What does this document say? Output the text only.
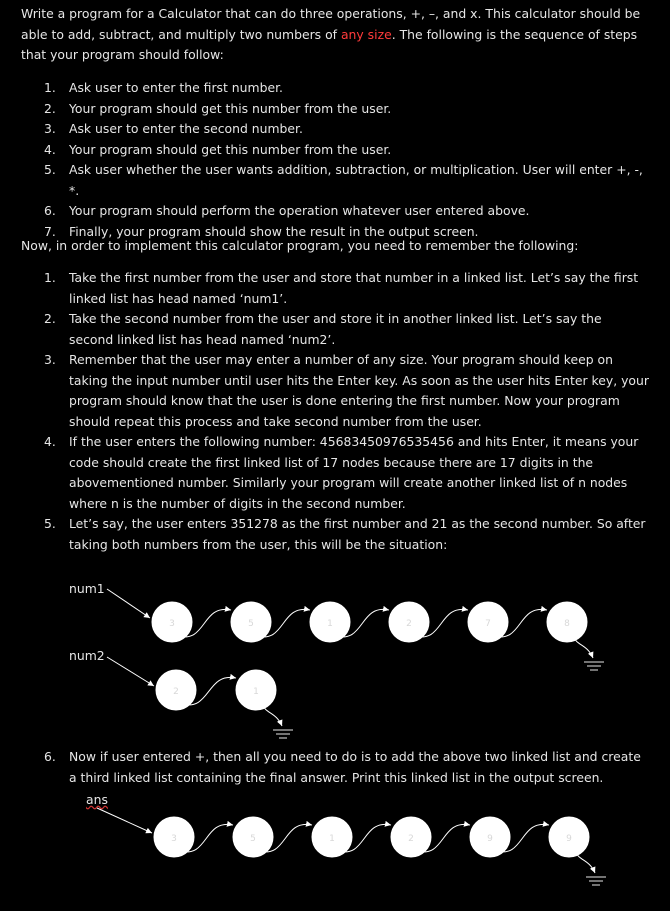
Write a program for a Calculator that can do three operations, +, –, and x. This calculator should be able to add, subtract, and multiply two numbers of any size. The following is the sequence of steps that your program should follow:

1. Ask user to enter the first number.
2. Your program should get this number from the user.
3. Ask user to enter the second number.
4. Your program should get this number from the user.
5. Ask user whether the user wants addition, subtraction, or multiplication. User will enter +, -, *.
6. Your program should perform the operation whatever user entered above.
7. Finally, your program should show the result in the output screen.

Now, in order to implement this calculator program, you need to remember the following:

1. Take the first number from the user and store that number in a linked list. Let’s say the first linked list has head named ‘num1’.
2. Take the second number from the user and store it in another linked list. Let’s say the second linked list has head named ‘num2’.
3. Remember that the user may enter a number of any size. Your program should keep on taking the input number until user hits the Enter key. As soon as the user hits Enter key, your program should know that the user is done entering the first number. Now your program should repeat this process and take second number from the user.
4. If the user enters the following number: 45683450976535456 and hits Enter, it means your code should create the first linked list of 17 nodes because there are 17 digits in the abovementioned number. Similarly your program will create another linked list of n nodes where n is the number of digits in the second number.
5. Let’s say, the user enters 351278 as the first number and 21 as the second number. So after taking both numbers from the user, this will be the situation:
6. Now if user entered +, then all you need to do is to add the above two linked list and create a third linked list containing the final answer. Print this linked list in the output screen.
num1
num2
ans
3	5	1	2	7	8
2	1
3	5	1	2	9	9
